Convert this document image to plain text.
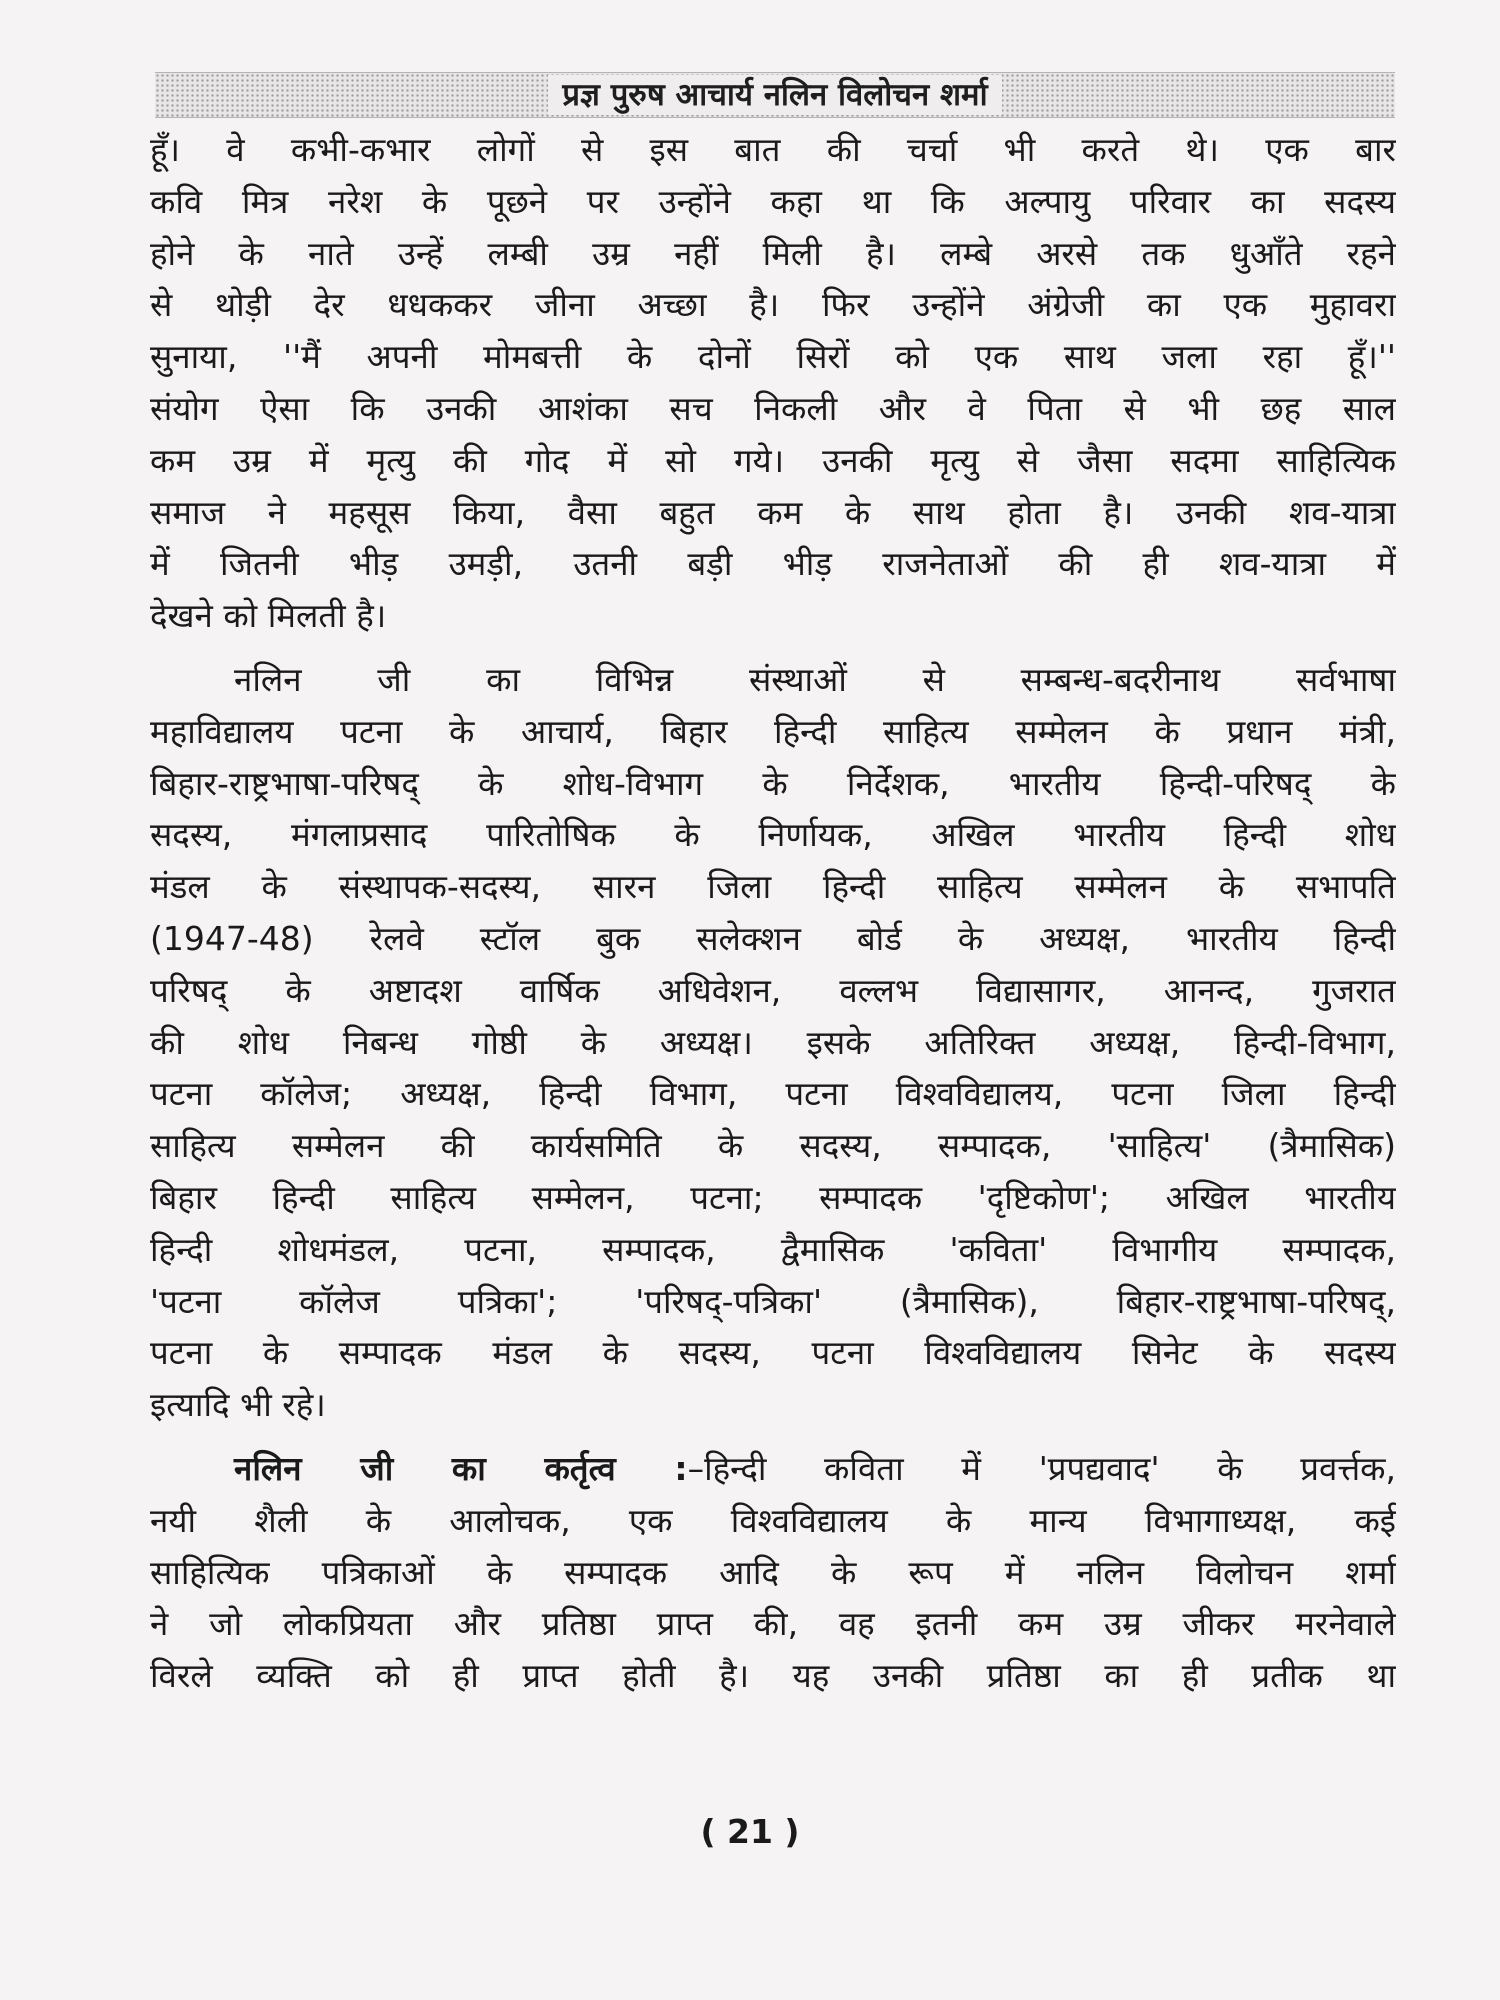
प्रज्ञ पुरुष आचार्य नलिन विलोचन शर्मा
हूँ। वे कभी-कभार लोगों से इस बात की चर्चा भी करते थे। एक बार
कवि मित्र नरेश के पूछने पर उन्होंने कहा था कि अल्पायु परिवार का सदस्य
होने के नाते उन्हें लम्बी उम्र नहीं मिली है। लम्बे अरसे तक धुआँते रहने
से थोड़ी देर धधककर जीना अच्छा है। फिर उन्होंने अंग्रेजी का एक मुहावरा
सुनाया, ''मैं अपनी मोमबत्ती के दोनों सिरों को एक साथ जला रहा हूँ।''
संयोग ऐसा कि उनकी आशंका सच निकली और वे पिता से भी छह साल
कम उम्र में मृत्यु की गोद में सो गये। उनकी मृत्यु से जैसा सदमा साहित्यिक
समाज ने महसूस किया, वैसा बहुत कम के साथ होता है। उनकी शव-यात्रा
में जितनी भीड़ उमड़ी, उतनी बड़ी भीड़ राजनेताओं की ही शव-यात्रा में
देखने को मिलती है।
नलिन जी का विभिन्न संस्थाओं से सम्बन्ध-बदरीनाथ सर्वभाषा
महाविद्यालय पटना के आचार्य, बिहार हिन्दी साहित्य सम्मेलन के प्रधान मंत्री,
बिहार-राष्ट्रभाषा-परिषद् के शोध-विभाग के निर्देशक, भारतीय हिन्दी-परिषद् के
सदस्य, मंगलाप्रसाद पारितोषिक के निर्णायक, अखिल भारतीय हिन्दी शोध
मंडल के संस्थापक-सदस्य, सारन जिला हिन्दी साहित्य सम्मेलन के सभापति
(1947-48) रेलवे स्टॉल बुक सलेक्शन बोर्ड के अध्यक्ष, भारतीय हिन्दी
परिषद् के अष्टादश वार्षिक अधिवेशन, वल्लभ विद्यासागर, आनन्द, गुजरात
की शोध निबन्ध गोष्ठी के अध्यक्ष। इसके अतिरिक्त अध्यक्ष, हिन्दी-विभाग,
पटना कॉलेज; अध्यक्ष, हिन्दी विभाग, पटना विश्वविद्यालय, पटना जिला हिन्दी
साहित्य सम्मेलन की कार्यसमिति के सदस्य, सम्पादक, 'साहित्य' (त्रैमासिक)
बिहार हिन्दी साहित्य सम्मेलन, पटना; सम्पादक 'दृष्टिकोण'; अखिल भारतीय
हिन्दी शोधमंडल, पटना, सम्पादक, द्वैमासिक 'कविता' विभागीय सम्पादक,
'पटना कॉलेज पत्रिका'; 'परिषद्-पत्रिका' (त्रैमासिक), बिहार-राष्ट्रभाषा-परिषद्,
पटना के सम्पादक मंडल के सदस्य, पटना विश्वविद्यालय सिनेट के सदस्य
इत्यादि भी रहे।
नलिन जी का कर्तृत्व :–हिन्दी कविता में 'प्रपद्यवाद' के प्रवर्त्तक,
नयी शैली के आलोचक, एक विश्वविद्यालय के मान्य विभागाध्यक्ष, कई
साहित्यिक पत्रिकाओं के सम्पादक आदि के रूप में नलिन विलोचन शर्मा
ने जो लोकप्रियता और प्रतिष्ठा प्राप्त की, वह इतनी कम उम्र जीकर मरनेवाले
विरले व्यक्ति को ही प्राप्त होती है। यह उनकी प्रतिष्ठा का ही प्रतीक था
( 21 )
